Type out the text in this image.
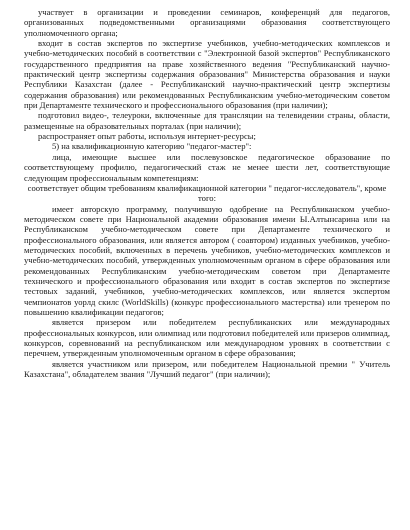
участвует в организации и проведении семинаров, конференций для педагогов, организованных подведомственными организациями образования соответствующего уполномоченного органа;

входит в состав экспертов по экспертизе учебников, учебно-методических комплексов и учебно-методических пособий в соответствии с "Электронной базой экспертов" Республиканского государственного предприятия на праве хозяйственного ведения "Республиканский научно-практический центр экспертизы содержания образования" Министерства образования и науки Республики Казахстан (далее - Республиканский научно-практический центр экспертизы содержания образования) или рекомендованных Республиканским учебно-методическим советом при Департаменте технического и профессионального образования (при наличии);

подготовил видео-, телеуроки, включенные для трансляции на телевидении страны, области, размещенные на образовательных порталах (при наличии);

распространяет опыт работы, используя интернет-ресурсы;

5) на квалификационную категорию "педагог-мастер":

лица, имеющие высшее или послевузовское педагогическое образование по соответствующему профилю, педагогический стаж не менее шести лет, соответствующие следующим профессиональным компетенциям:

соответствует общим требованиям квалификационной категории " педагог-исследователь", кроме того:

имеет авторскую программу, получившую одобрение на Республиканском учебно-методическом совете при Национальной академии образования имени Ы.Алтынсарина или на Республиканском учебно-методическом совете при Департаменте технического и профессионального образования, или является автором ( соавтором) изданных учебников, учебно-методических пособий, включенных в перечень учебников, учебно-методических комплексов и учебно-методических пособий, утвержденных уполномоченным органом в сфере образования или рекомендованных Республиканским учебно-методическим советом при Департаменте технического и профессионального образования или входит в состав экспертов по экспертизе тестовых заданий, учебников, учебно-методических комплексов, или является экспертом чемпионатов уорлд скилс (WorldSkills) (конкурс профессионального мастерства) или тренером по повышению квалификации педагогов;

является призером или победителем республиканских или международных профессиональных конкурсов, или олимпиад или подготовил победителей или призеров олимпиад, конкурсов, соревнований на республиканском или международном уровнях в соответствии с перечнем, утвержденным уполномоченным органом в сфере образования;

является участником или призером, или победителем Национальной премии " Учитель Казахстана", обладателем звания "Лучший педагог" (при наличии);
